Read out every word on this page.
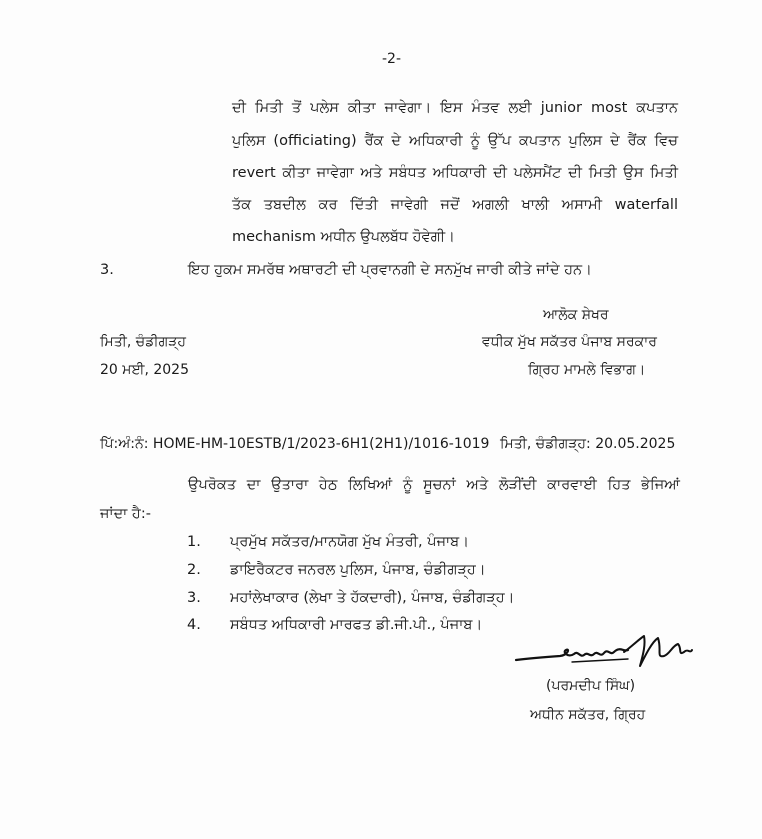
-2-
ਦੀ ਮਿਤੀ ਤੋਂ ਪਲੇਸ ਕੀਤਾ ਜਾਵੇਗਾ। ਇਸ ਮੰਤਵ ਲਈ junior most ਕਪਤਾਨ
ਪੁਲਿਸ (officiating) ਰੈਂਕ ਦੇ ਅਧਿਕਾਰੀ ਨੂੰ ਉੱਪ ਕਪਤਾਨ ਪੁਲਿਸ ਦੇ ਰੈਂਕ ਵਿਚ
revert ਕੀਤਾ ਜਾਵੇਗਾ ਅਤੇ ਸਬੰਧਤ ਅਧਿਕਾਰੀ ਦੀ ਪਲੇਸਮੈਂਟ ਦੀ ਮਿਤੀ ਉਸ ਮਿਤੀ
ਤੱਕ ਤਬਦੀਲ ਕਰ ਦਿੱਤੀ ਜਾਵੇਗੀ ਜਦੋਂ ਅਗਲੀ ਖਾਲੀ ਅਸਾਮੀ waterfall
mechanism ਅਧੀਨ ਉਪਲਬੱਧ ਹੋਵੇਗੀ।
3.	ਇਹ ਹੁਕਮ ਸਮਰੱਥ ਅਥਾਰਟੀ ਦੀ ਪ੍ਰਵਾਨਗੀ ਦੇ ਸਨਮੁੱਖ ਜਾਰੀ ਕੀਤੇ ਜਾਂਦੇ ਹਨ।
ਆਲੋਕ ਸ਼ੇਖਰ
ਵਧੀਕ ਮੁੱਖ ਸਕੱਤਰ ਪੰਜਾਬ ਸਰਕਾਰ
ਗ੍ਰਿਹ ਮਾਮਲੇ ਵਿਭਾਗ।
ਮਿਤੀ, ਚੰਡੀਗੜ੍ਹ
20 ਮਈ, 2025
ਪਿੱ:ਅੰ:ਨੰ: HOME-HM-10ESTB/1/2023-6H1(2H1)/1016-1019 ਮਿਤੀ, ਚੰਡੀਗੜ੍ਹ: 20.05.2025
ਉਪਰੋਕਤ ਦਾ ਉਤਾਰਾ ਹੇਠ ਲਿਖਿਆਂ ਨੂੰ ਸੂਚਨਾਂ ਅਤੇ ਲੋੜੀਂਦੀ ਕਾਰਵਾਈ ਹਿਤ ਭੇਜਿਆਂ
ਜਾਂਦਾ ਹੈ:-
1. ਪ੍ਰਮੁੱਖ ਸਕੱਤਰ/ਮਾਨਯੋਗ ਮੁੱਖ ਮੰਤਰੀ, ਪੰਜਾਬ।
2. ਡਾਇਰੈਕਟਰ ਜਨਰਲ ਪੁਲਿਸ, ਪੰਜਾਬ, ਚੰਡੀਗੜ੍ਹ।
3. ਮਹਾਂਲੇਖਾਕਾਰ (ਲੇਖਾ ਤੇ ਹੱਕਦਾਰੀ), ਪੰਜਾਬ, ਚੰਡੀਗੜ੍ਹ।
4. ਸਬੰਧਤ ਅਧਿਕਾਰੀ ਮਾਰਫਤ ਡੀ.ਜੀ.ਪੀ., ਪੰਜਾਬ।
(ਪਰਮਦੀਪ ਸਿੰਘ)
ਅਧੀਨ ਸਕੱਤਰ, ਗ੍ਰਿਹ
